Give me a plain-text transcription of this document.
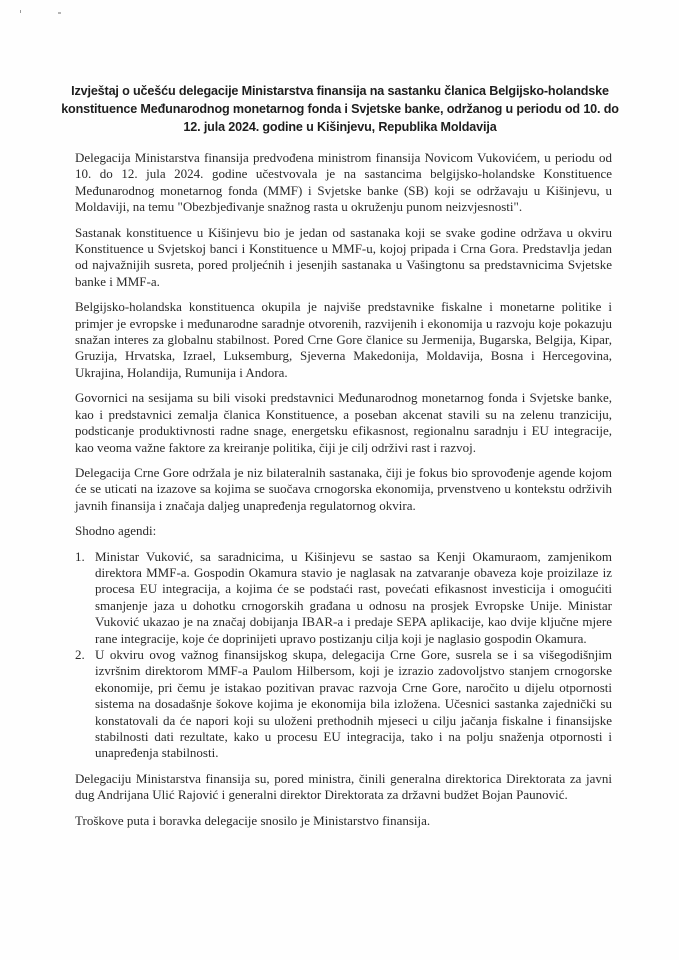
Izvještaj o učešću delegacije Ministarstva finansija na sastanku članica Belgijsko-holandske konstituence Međunarodnog monetarnog fonda i Svjetske banke, održanog u periodu od 10. do 12. jula 2024. godine u Kišinjevu, Republika Moldavija

Delegacija Ministarstva finansija predvođena ministrom finansija Novicom Vukovićem, u periodu od 10. do 12. jula 2024. godine učestvovala je na sastancima belgijsko-holandske Konstituence Međunarodnog monetarnog fonda (MMF) i Svjetske banke (SB) koji se održavaju u Kišinjevu, u Moldaviji, na temu "Obezbjeđivanje snažnog rasta u okruženju punom neizvjesnosti".

Sastanak konstituence u Kišinjevu bio je jedan od sastanaka koji se svake godine održava u okviru Konstituence u Svjetskoj banci i Konstituence u MMF-u, kojoj pripada i Crna Gora. Predstavlja jedan od najvažnijih susreta, pored proljećnih i jesenjih sastanaka u Vašingtonu sa predstavnicima Svjetske banke i MMF-a.

Belgijsko-holandska konstituenca okupila je najviše predstavnike fiskalne i monetarne politike i primjer je evropske i međunarodne saradnje otvorenih, razvijenih i ekonomija u razvoju koje pokazuju snažan interes za globalnu stabilnost. Pored Crne Gore članice su Jermenija, Bugarska, Belgija, Kipar, Gruzija, Hrvatska, Izrael, Luksemburg, Sjeverna Makedonija, Moldavija, Bosna i Hercegovina, Ukrajina, Holandija, Rumunija i Andora.

Govornici na sesijama su bili visoki predstavnici Međunarodnog monetarnog fonda i Svjetske banke, kao i predstavnici zemalja članica Konstituence, a poseban akcenat stavili su na zelenu tranziciju, podsticanje produktivnosti radne snage, energetsku efikasnost, regionalnu saradnju i EU integracije, kao veoma važne faktore za kreiranje politika, čiji je cilj održivi rast i razvoj.

Delegacija Crne Gore održala je niz bilateralnih sastanaka, čiji je fokus bio sprovođenje agende kojom će se uticati na izazove sa kojima se suočava crnogorska ekonomija, prvenstveno u kontekstu održivih javnih finansija i značaja daljeg unapređenja regulatornog okvira.

Shodno agendi:
1. Ministar Vuković, sa saradnicima, u Kišinjevu se sastao sa Kenji Okamuraom, zamjenikom direktora MMF-a. Gospodin Okamura stavio je naglasak na zatvaranje obaveza koje proizilaze iz procesa EU integracija, a kojima će se podstaći rast, povećati efikasnost investicija i omogućiti smanjenje jaza u dohotku crnogorskih građana u odnosu na prosjek Evropske Unije. Ministar Vuković ukazao je na značaj dobijanja IBAR-a i predaje SEPA aplikacije, kao dvije ključne mjere rane integracije, koje će doprinijeti upravo postizanju cilja koji je naglasio gospodin Okamura.
2. U okviru ovog važnog finansijskog skupa, delegacija Crne Gore, susrela se i sa višegodišnjim izvršnim direktorom MMF-a Paulom Hilbersom, koji je izrazio zadovoljstvo stanjem crnogorske ekonomije, pri čemu je istakao pozitivan pravac razvoja Crne Gore, naročito u dijelu otpornosti sistema na dosadašnje šokove kojima je ekonomija bila izložena. Učesnici sastanka zajednički su konstatovali da će napori koji su uloženi prethodnih mjeseci u cilju jačanja fiskalne i finansijske stabilnosti dati rezultate, kako u procesu EU integracija, tako i na polju snaženja otpornosti i unapređenja stabilnosti.

Delegaciju Ministarstva finansija su, pored ministra, činili generalna direktorica Direktorata za javni dug Andrijana Ulić Rajović i generalni direktor Direktorata za državni budžet Bojan Paunović.

Troškove puta i boravka delegacije snosilo je Ministarstvo finansija.
